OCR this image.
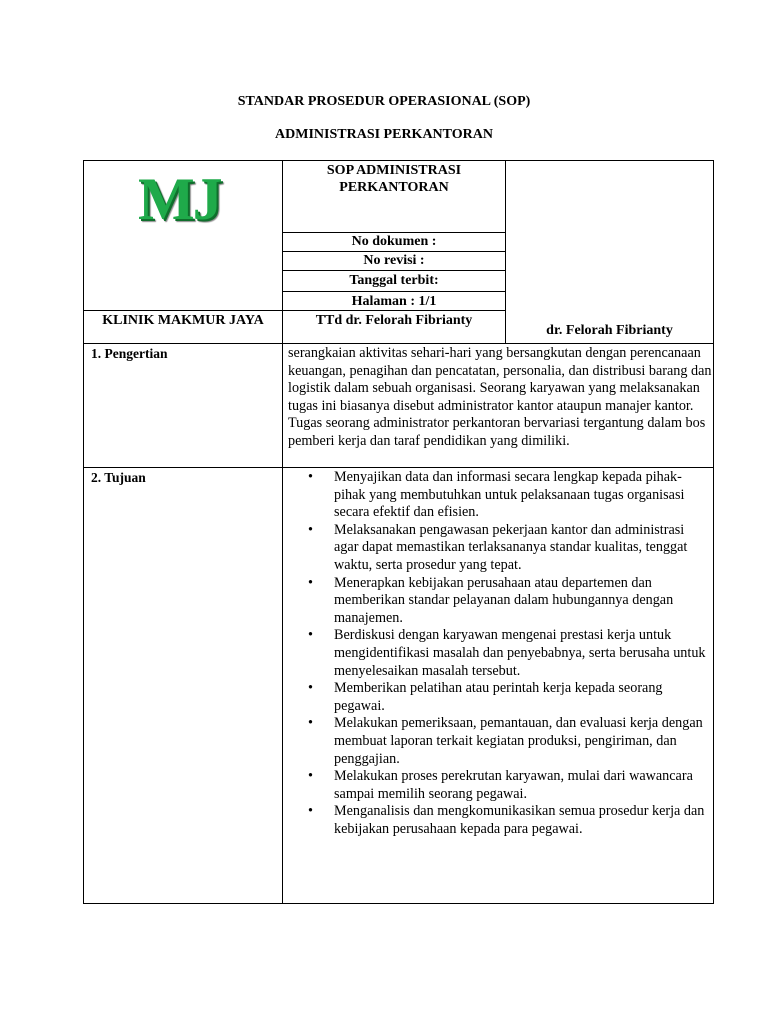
STANDAR PROSEDUR OPERASIONAL (SOP)
ADMINISTRASI PERKANTORAN
MJ	SOP ADMINISTRASI PERKANTORAN
No dokumen :
No revisi :
Tanggal terbit:
Halaman : 1/1
KLINIK MAKMUR JAYA	TTd dr. Felorah Fibrianty
dr. Felorah Fibrianty
1. Pengertian	serangkaian aktivitas sehari-hari yang bersangkutan dengan perencanaan keuangan, penagihan dan pencatatan, personalia, dan distribusi barang dan logistik dalam sebuah organisasi. Seorang karyawan yang melaksanakan tugas ini biasanya disebut administrator kantor ataupun manajer kantor. Tugas seorang administrator perkantoran bervariasi tergantung dalam bos pemberi kerja dan taraf pendidikan yang dimiliki.
2. Tujuan
•	Menyajikan data dan informasi secara lengkap kepada pihak-pihak yang membutuhkan untuk pelaksanaan tugas organisasi secara efektif dan efisien.
• Melaksanakan pengawasan pekerjaan kantor dan administrasi agar dapat memastikan terlaksananya standar kualitas, tenggat waktu, serta prosedur yang tepat.
• Menerapkan kebijakan perusahaan atau departemen dan memberikan standar pelayanan dalam hubungannya dengan manajemen.
• Berdiskusi dengan karyawan mengenai prestasi kerja untuk mengidentifikasi masalah dan penyebabnya, serta berusaha untuk menyelesaikan masalah tersebut.
• Memberikan pelatihan atau perintah kerja kepada seorang pegawai.
• Melakukan pemeriksaan, pemantauan, dan evaluasi kerja dengan membuat laporan terkait kegiatan produksi, pengiriman, dan penggajian.
• Melakukan proses perekrutan karyawan, mulai dari wawancara sampai memilih seorang pegawai.
• Menganalisis dan mengkomunikasikan semua prosedur kerja dan kebijakan perusahaan kepada para pegawai.
